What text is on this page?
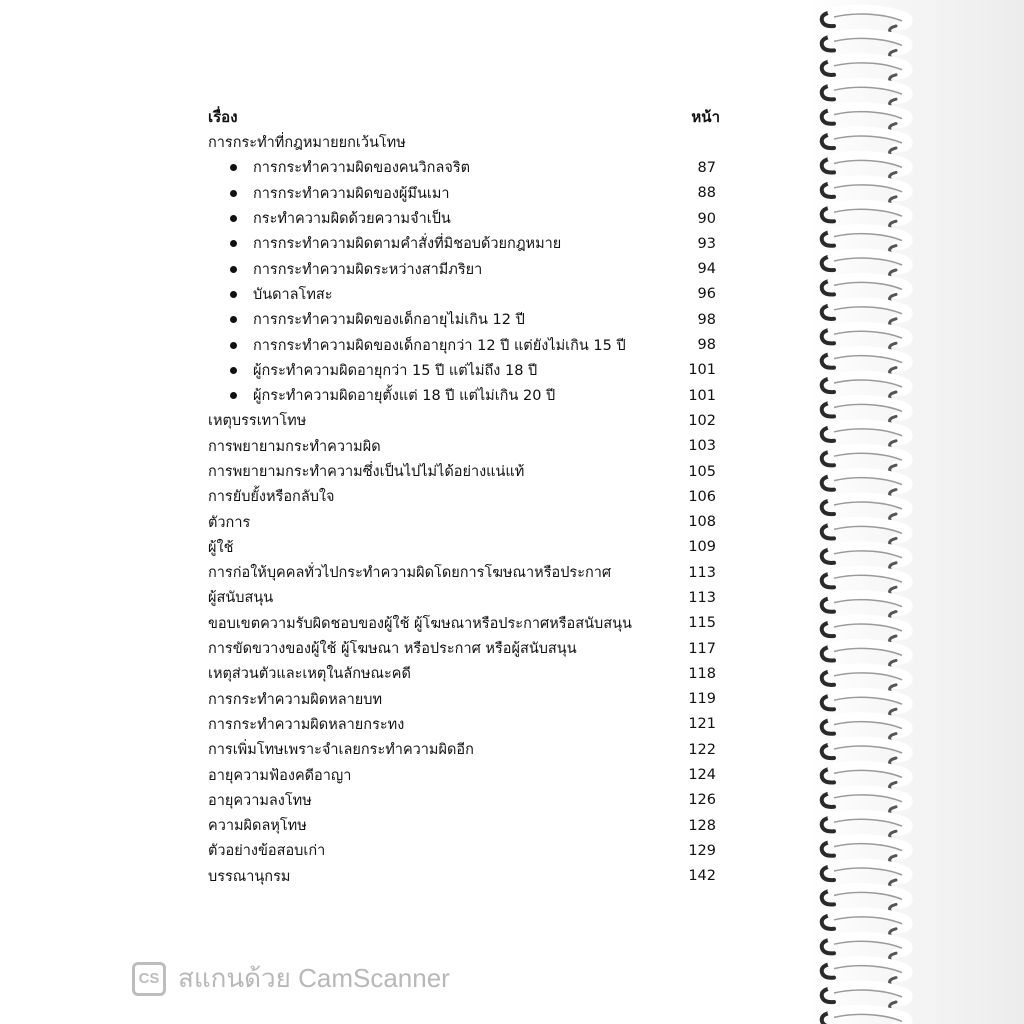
เรื่อง	หน้า
การกระทำที่กฎหมายยกเว้นโทษ
การกระทำความผิดของคนวิกลจริต	87
การกระทำความผิดของผู้มึนเมา	88
กระทำความผิดด้วยความจำเป็น	90
การกระทำความผิดตามคำสั่งที่มิชอบด้วยกฎหมาย	93
การกระทำความผิดระหว่างสามีภริยา	94
บันดาลโทสะ	96
การกระทำความผิดของเด็กอายุไม่เกิน 12 ปี	98
การกระทำความผิดของเด็กอายุกว่า 12 ปี แต่ยังไม่เกิน 15 ปี	98
ผู้กระทำความผิดอายุกว่า 15 ปี แต่ไม่ถึง 18 ปี	101
ผู้กระทำความผิดอายุตั้งแต่ 18 ปี แต่ไม่เกิน 20 ปี	101
เหตุบรรเทาโทษ	102
การพยายามกระทำความผิด	103
การพยายามกระทำความซึ่งเป็นไปไม่ได้อย่างแน่แท้	105
การยับยั้งหรือกลับใจ	106
ตัวการ	108
ผู้ใช้	109
การก่อให้บุคคลทั่วไปกระทำความผิดโดยการโฆษณาหรือประกาศ	113
ผู้สนับสนุน	113
ขอบเขตความรับผิดชอบของผู้ใช้ ผู้โฆษณาหรือประกาศหรือสนับสนุน	115
การขัดขวางของผู้ใช้ ผู้โฆษณา หรือประกาศ หรือผู้สนับสนุน	117
เหตุส่วนตัวและเหตุในลักษณะคดี	118
การกระทำความผิดหลายบท	119
การกระทำความผิดหลายกระทง	121
การเพิ่มโทษเพราะจำเลยกระทำความผิดอีก	122
อายุความฟ้องคดีอาญา	124
อายุความลงโทษ	126
ความผิดลหุโทษ	128
ตัวอย่างข้อสอบเก่า	129
บรรณานุกรม	142
CS สแกนด้วย CamScanner
